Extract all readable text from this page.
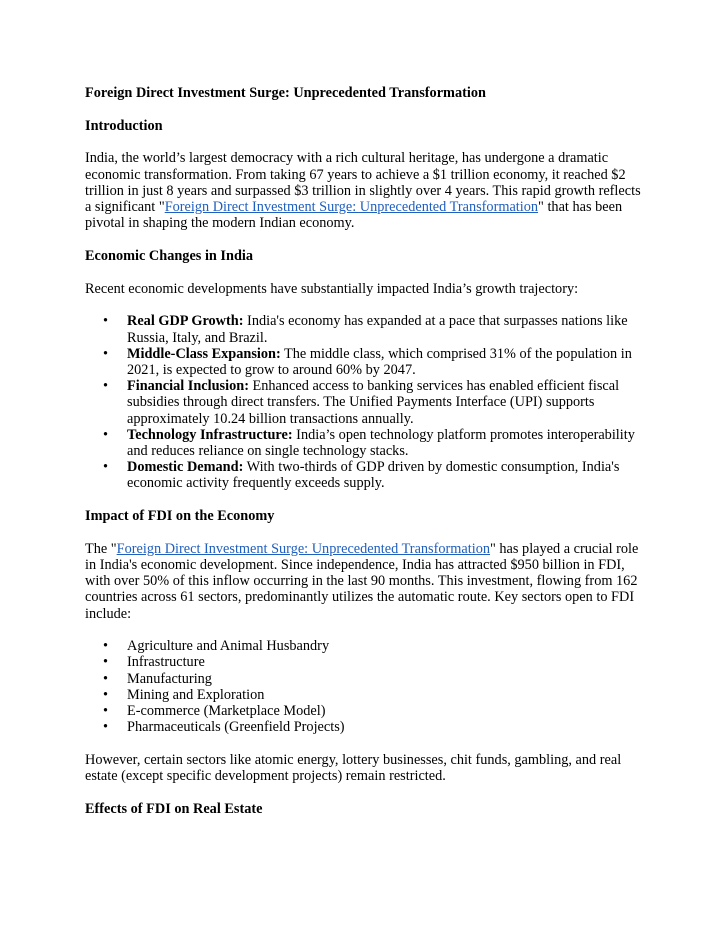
Foreign Direct Investment Surge: Unprecedented Transformation
Introduction

India, the world’s largest democracy with a rich cultural heritage, has undergone a dramatic economic transformation. From taking 67 years to achieve a $1 trillion economy, it reached $2 trillion in just 8 years and surpassed $3 trillion in slightly over 4 years. This rapid growth reflects a significant "Foreign Direct Investment Surge: Unprecedented Transformation" that has been pivotal in shaping the modern Indian economy.

Economic Changes in India

Recent economic developments have substantially impacted India’s growth trajectory:

• Real GDP Growth: India's economy has expanded at a pace that surpasses nations like Russia, Italy, and Brazil.
• Middle-Class Expansion: The middle class, which comprised 31% of the population in 2021, is expected to grow to around 60% by 2047.
• Financial Inclusion: Enhanced access to banking services has enabled efficient fiscal subsidies through direct transfers. The Unified Payments Interface (UPI) supports approximately 10.24 billion transactions annually.
• Technology Infrastructure: India’s open technology platform promotes interoperability and reduces reliance on single technology stacks.
• Domestic Demand: With two-thirds of GDP driven by domestic consumption, India's economic activity frequently exceeds supply.
Impact of FDI on the Economy

The "Foreign Direct Investment Surge: Unprecedented Transformation" has played a crucial role in India's economic development. Since independence, India has attracted $950 billion in FDI, with over 50% of this inflow occurring in the last 90 months. This investment, flowing from 162 countries across 61 sectors, predominantly utilizes the automatic route. Key sectors open to FDI include:

• Agriculture and Animal Husbandry
• Infrastructure
• Manufacturing
• Mining and Exploration
• E-commerce (Marketplace Model)
• Pharmaceuticals (Greenfield Projects)

However, certain sectors like atomic energy, lottery businesses, chit funds, gambling, and real estate (except specific development projects) remain restricted.

Effects of FDI on Real Estate
